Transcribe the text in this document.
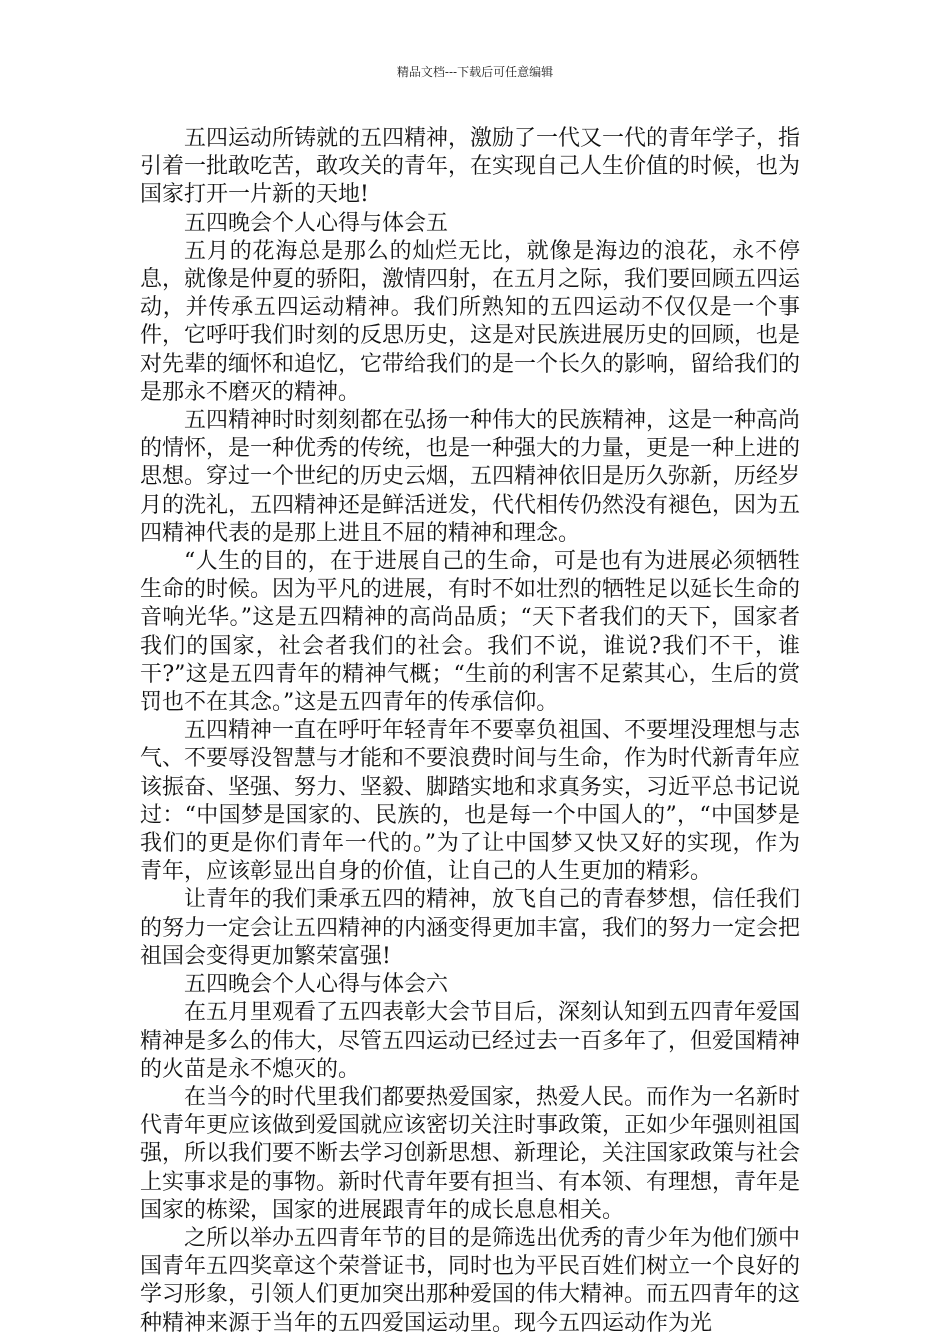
精品文档---下载后可任意编辑

五四运动所铸就的五四精神，激励了一代又一代的青年学子，指引着一批敢吃苦，敢攻关的青年，在实现自己人生价值的时候，也为国家打开一片新的天地!

五四晚会个人心得与体会五

五月的花海总是那么的灿烂无比，就像是海边的浪花，永不停息，就像是仲夏的骄阳，激情四射，在五月之际，我们要回顾五四运动，并传承五四运动精神。我们所熟知的五四运动不仅仅是一个事件，它呼吁我们时刻的反思历史，这是对民族进展历史的回顾，也是对先辈的缅怀和追忆，它带给我们的是一个长久的影响，留给我们的是那永不磨灭的精神。

五四精神时时刻刻都在弘扬一种伟大的民族精神，这是一种高尚的情怀，是一种优秀的传统，也是一种强大的力量，更是一种上进的思想。穿过一个世纪的历史云烟，五四精神依旧是历久弥新，历经岁月的洗礼，五四精神还是鲜活迸发，代代相传仍然没有褪色，因为五四精神代表的是那上进且不屈的精神和理念。

“人生的目的，在于进展自己的生命，可是也有为进展必须牺牲生命的时候。因为平凡的进展，有时不如壮烈的牺牲足以延长生命的音响光华。”这是五四精神的高尚品质；“天下者我们的天下，国家者我们的国家，社会者我们的社会。我们不说，谁说?我们不干，谁干?”这是五四青年的精神气概；“生前的利害不足萦其心，生后的赏罚也不在其念。”这是五四青年的传承信仰。

五四精神一直在呼吁年轻青年不要辜负祖国、不要埋没理想与志气、不要辱没智慧与才能和不要浪费时间与生命，作为时代新青年应该振奋、坚强、努力、坚毅、脚踏实地和求真务实，习近平总书记说过：“中国梦是国家的、民族的，也是每一个中国人的”，“中国梦是我们的更是你们青年一代的。”为了让中国梦又快又好的实现，作为青年，应该彰显出自身的价值，让自己的人生更加的精彩。

让青年的我们秉承五四的精神，放飞自己的青春梦想，信任我们的努力一定会让五四精神的内涵变得更加丰富，我们的努力一定会把祖国会变得更加繁荣富强!

五四晚会个人心得与体会六

在五月里观看了五四表彰大会节目后，深刻认知到五四青年爱国精神是多么的伟大，尽管五四运动已经过去一百多年了，但爱国精神的火苗是永不熄灭的。

在当今的时代里我们都要热爱国家，热爱人民。而作为一名新时代青年更应该做到爱国就应该密切关注时事政策，正如少年强则祖国强，所以我们要不断去学习创新思想、新理论，关注国家政策与社会上实事求是的事物。新时代青年要有担当、有本领、有理想，青年是国家的栋梁，国家的进展跟青年的成长息息相关。

之所以举办五四青年节的目的是筛选出优秀的青少年为他们颁中国青年五四奖章这个荣誉证书，同时也为平民百姓们树立一个良好的学习形象，引领人们更加突出那种爱国的伟大精神。而五四青年的这种精神来源于当年的五四爱国运动里。现今五四运动作为光
